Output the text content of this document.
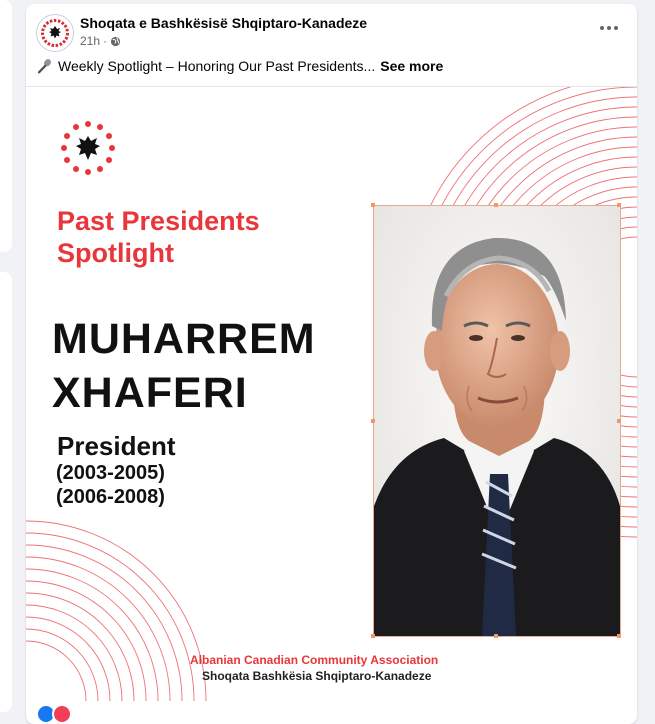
Shoqata e Bashkësisë Shqiptaro-Kanadeze
21h ·
Weekly Spotlight – Honoring Our Past Presidents... See more
Past Presidents
Spotlight
MUHARREM
XHAFERI
President
(2003-2005)
(2006-2008)
Albanian Canadian Community Association
Shoqata Bashkësia Shqiptaro-Kanadeze
